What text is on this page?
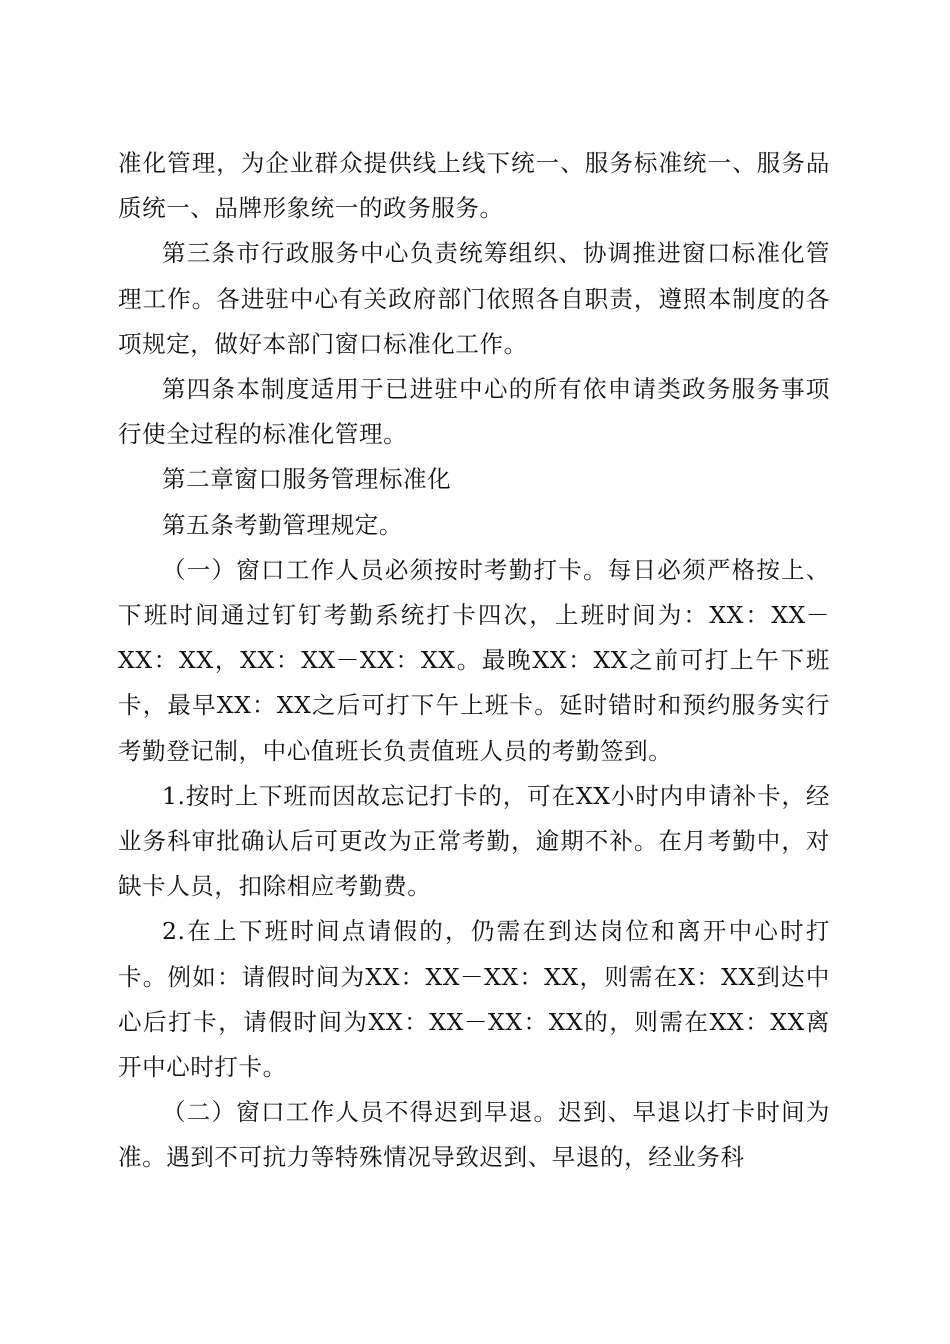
准化管理，为企业群众提供线上线下统一、服务标准统一、服务品质统一、品牌形象统一的政务服务。

第三条市行政服务中心负责统筹组织、协调推进窗口标准化管理工作。各进驻中心有关政府部门依照各自职责，遵照本制度的各项规定，做好本部门窗口标准化工作。

第四条本制度适用于已进驻中心的所有依申请类政务服务事项行使全过程的标准化管理。

第二章窗口服务管理标准化

第五条考勤管理规定。

（一）窗口工作人员必须按时考勤打卡。每日必须严格按上、下班时间通过钉钉考勤系统打卡四次，上班时间为：XX：XX－XX：XX，XX：XX－XX：XX。最晚XX：XX之前可打上午下班卡，最早XX：XX之后可打下午上班卡。延时错时和预约服务实行考勤登记制，中心值班长负责值班人员的考勤签到。

1.按时上下班而因故忘记打卡的，可在XX小时内申请补卡，经业务科审批确认后可更改为正常考勤，逾期不补。在月考勤中，对缺卡人员，扣除相应考勤费。

2.在上下班时间点请假的，仍需在到达岗位和离开中心时打卡。例如：请假时间为XX：XX－XX：XX，则需在X：XX到达中心后打卡，请假时间为XX：XX－XX：XX的，则需在XX：XX离开中心时打卡。

（二）窗口工作人员不得迟到早退。迟到、早退以打卡时间为准。遇到不可抗力等特殊情况导致迟到、早退的，经业务科
